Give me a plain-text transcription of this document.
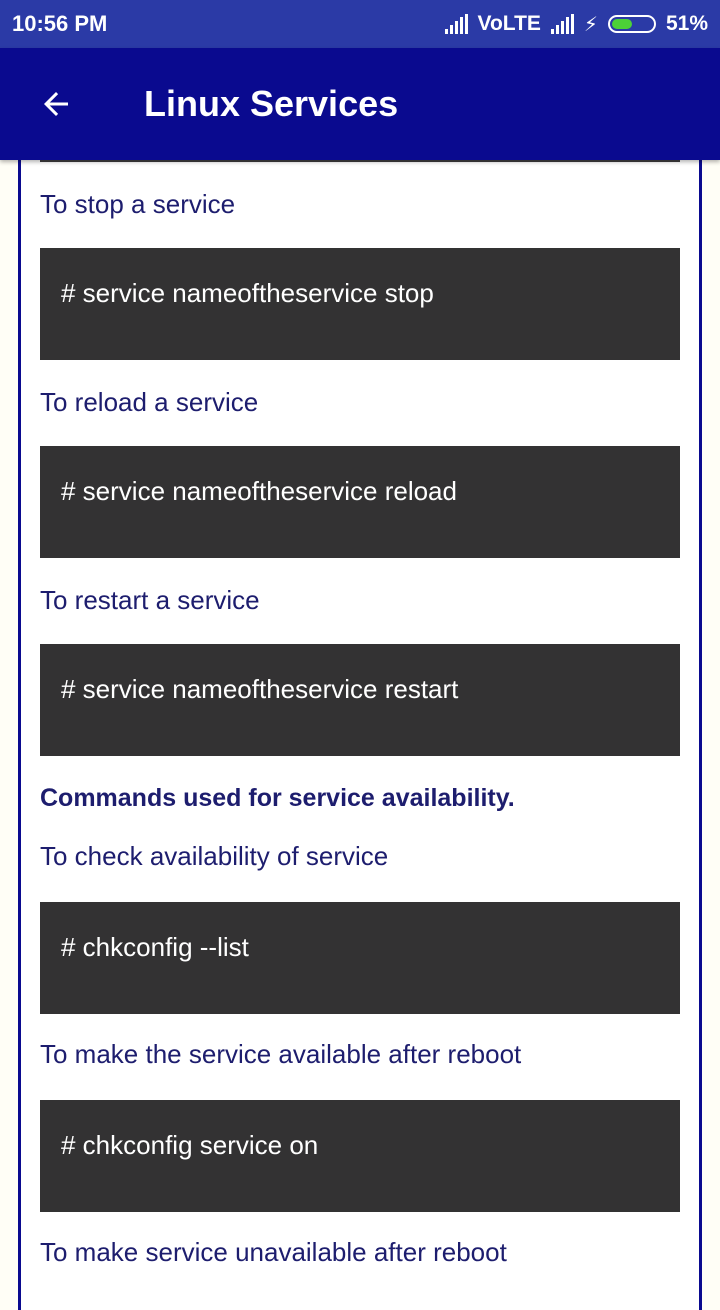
10:56 PM	VoLTE ⚡	51%
Linux Services
To stop a service
# service nameoftheservice stop
To reload a service
# service nameoftheservice reload
To restart a service
# service nameoftheservice restart
Commands used for service availability.
To check availability of service
# chkconfig --list
To make the service available after reboot
# chkconfig service on
To make service unavailable after reboot
